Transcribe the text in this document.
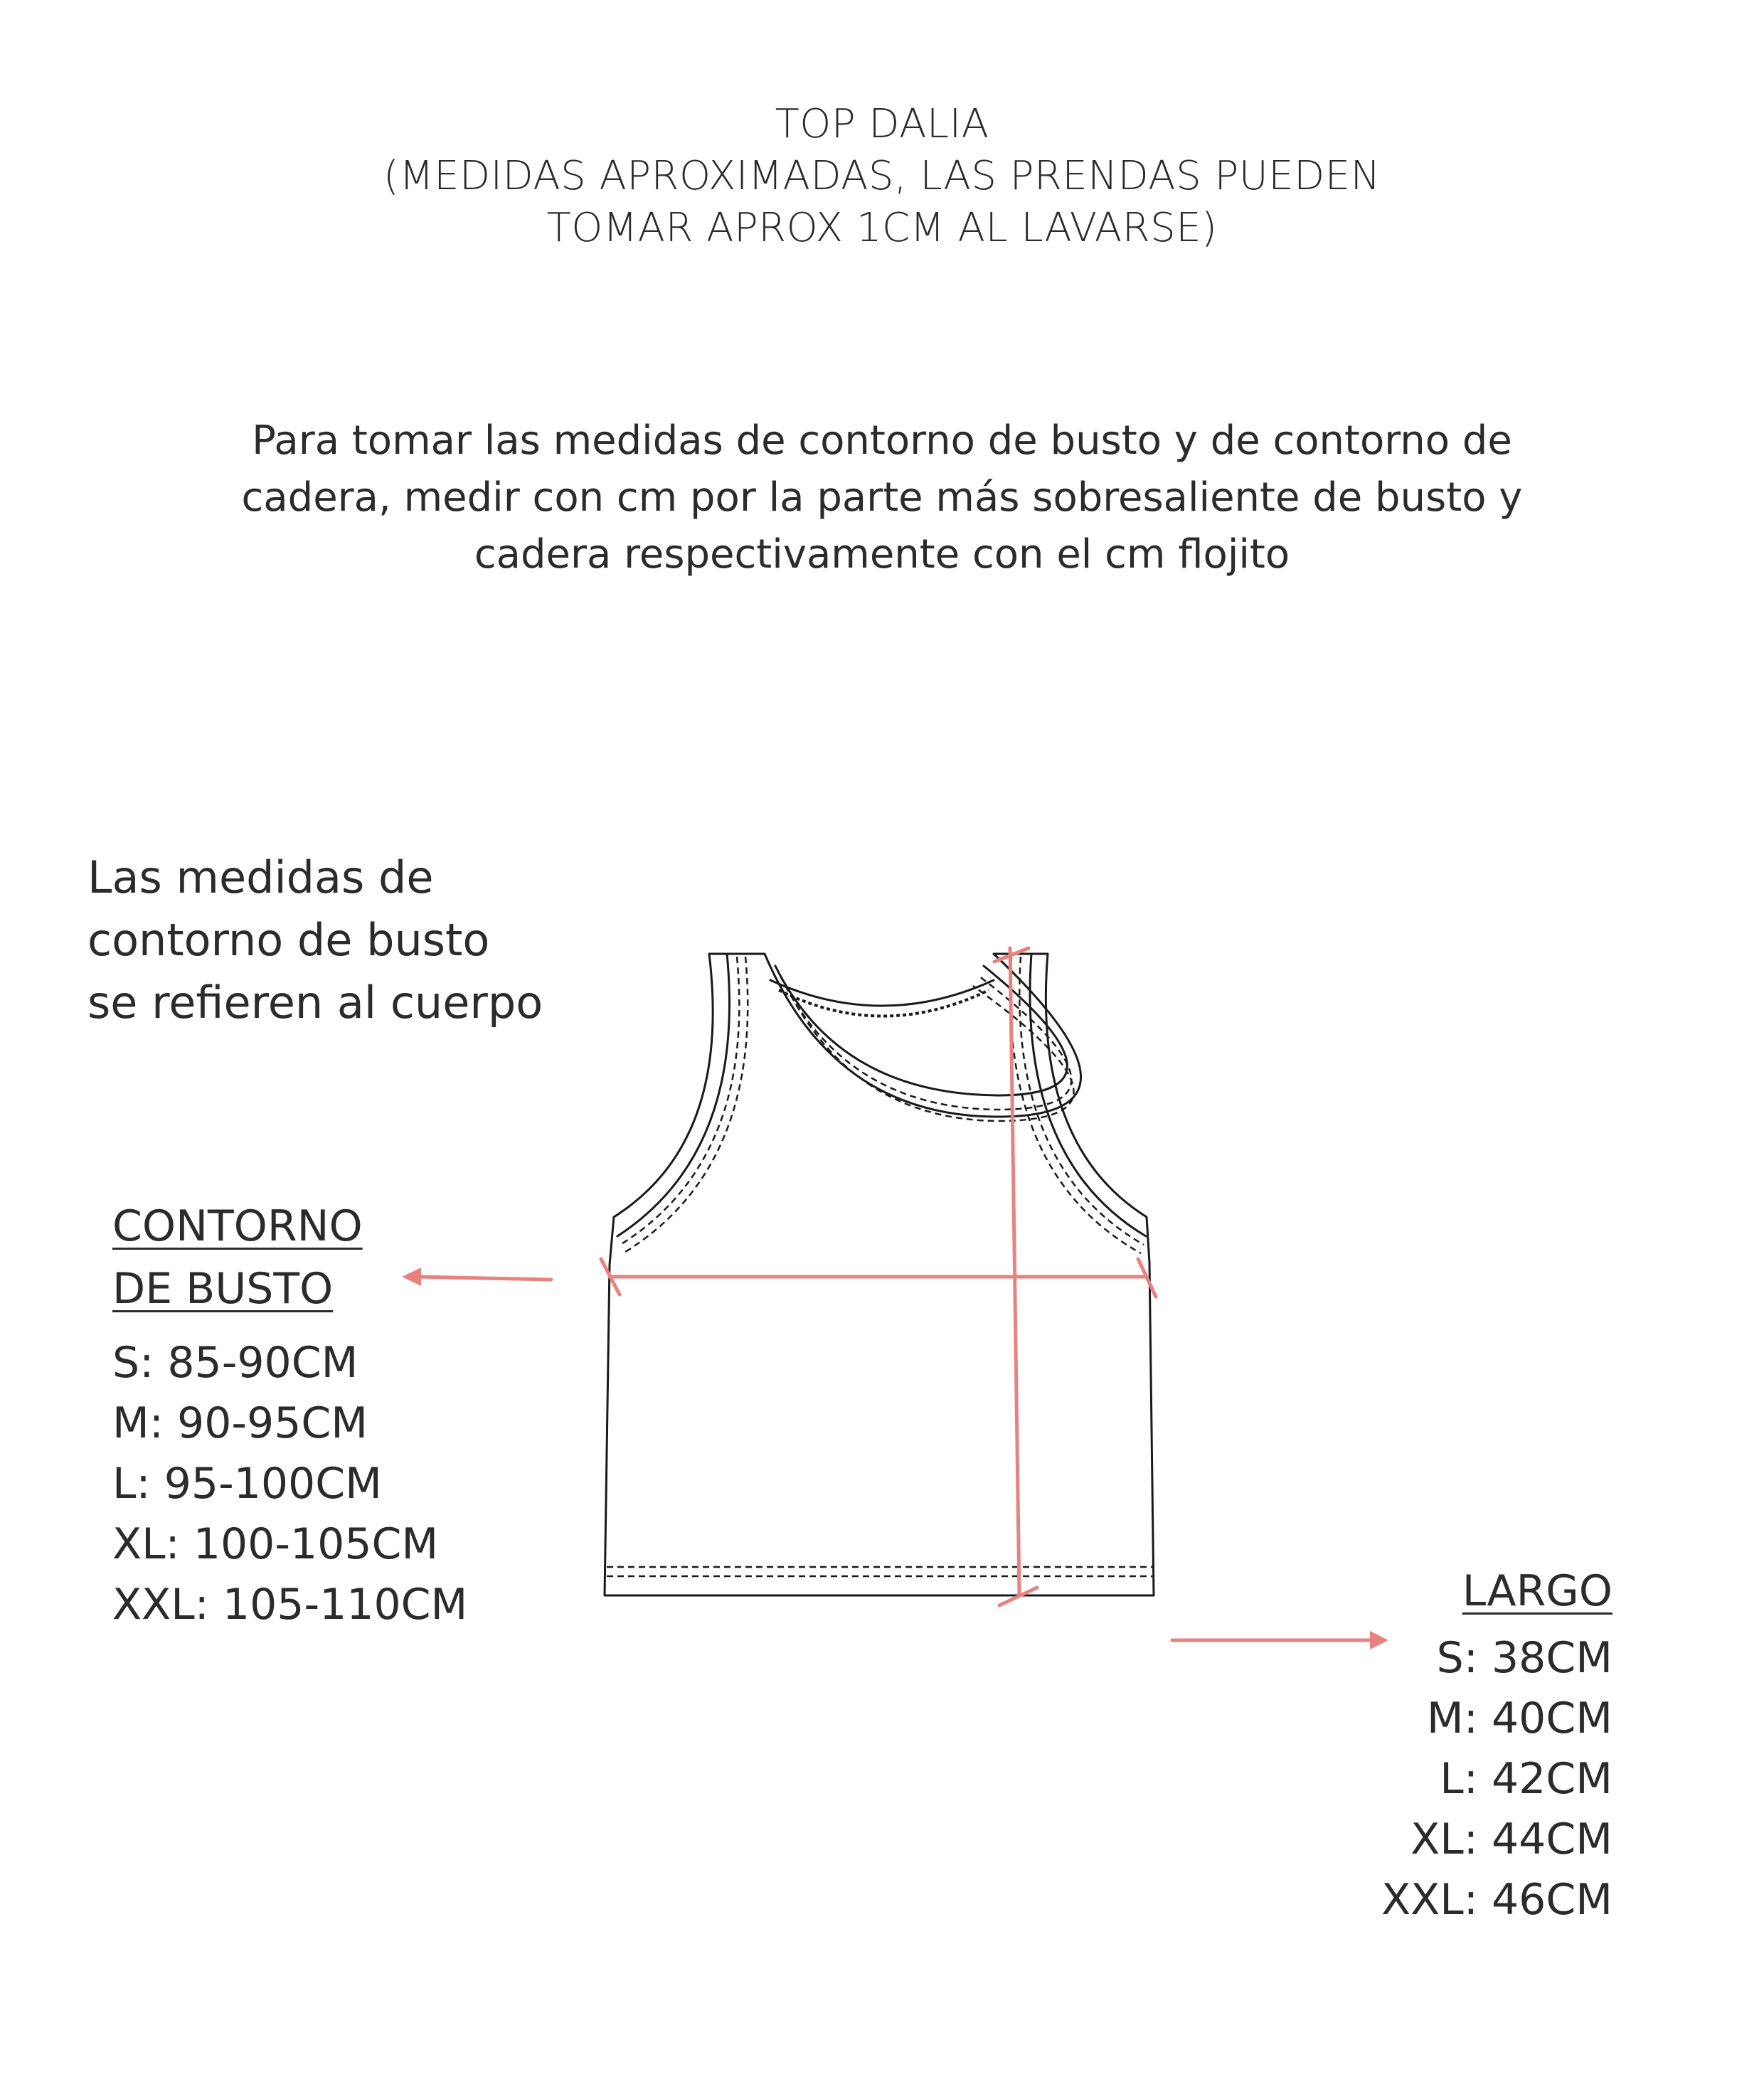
TOP DALIA
(MEDIDAS APROXIMADAS, LAS PRENDAS PUEDEN
TOMAR APROX 1CM AL LAVARSE)
Para tomar las medidas de contorno de busto y de contorno de
cadera, medir con cm por la parte más sobresaliente de busto y
cadera respectivamente con el cm flojito
Las medidas de
contorno de busto
se refieren al cuerpo
CONTORNO
DE BUSTO
S: 85-90CM
M: 90-95CM
L: 95-100CM
XL: 100-105CM
XXL: 105-110CM	LARGO
S: 38CM
M: 40CM
L: 42CM
XL: 44CM
XXL: 46CM
